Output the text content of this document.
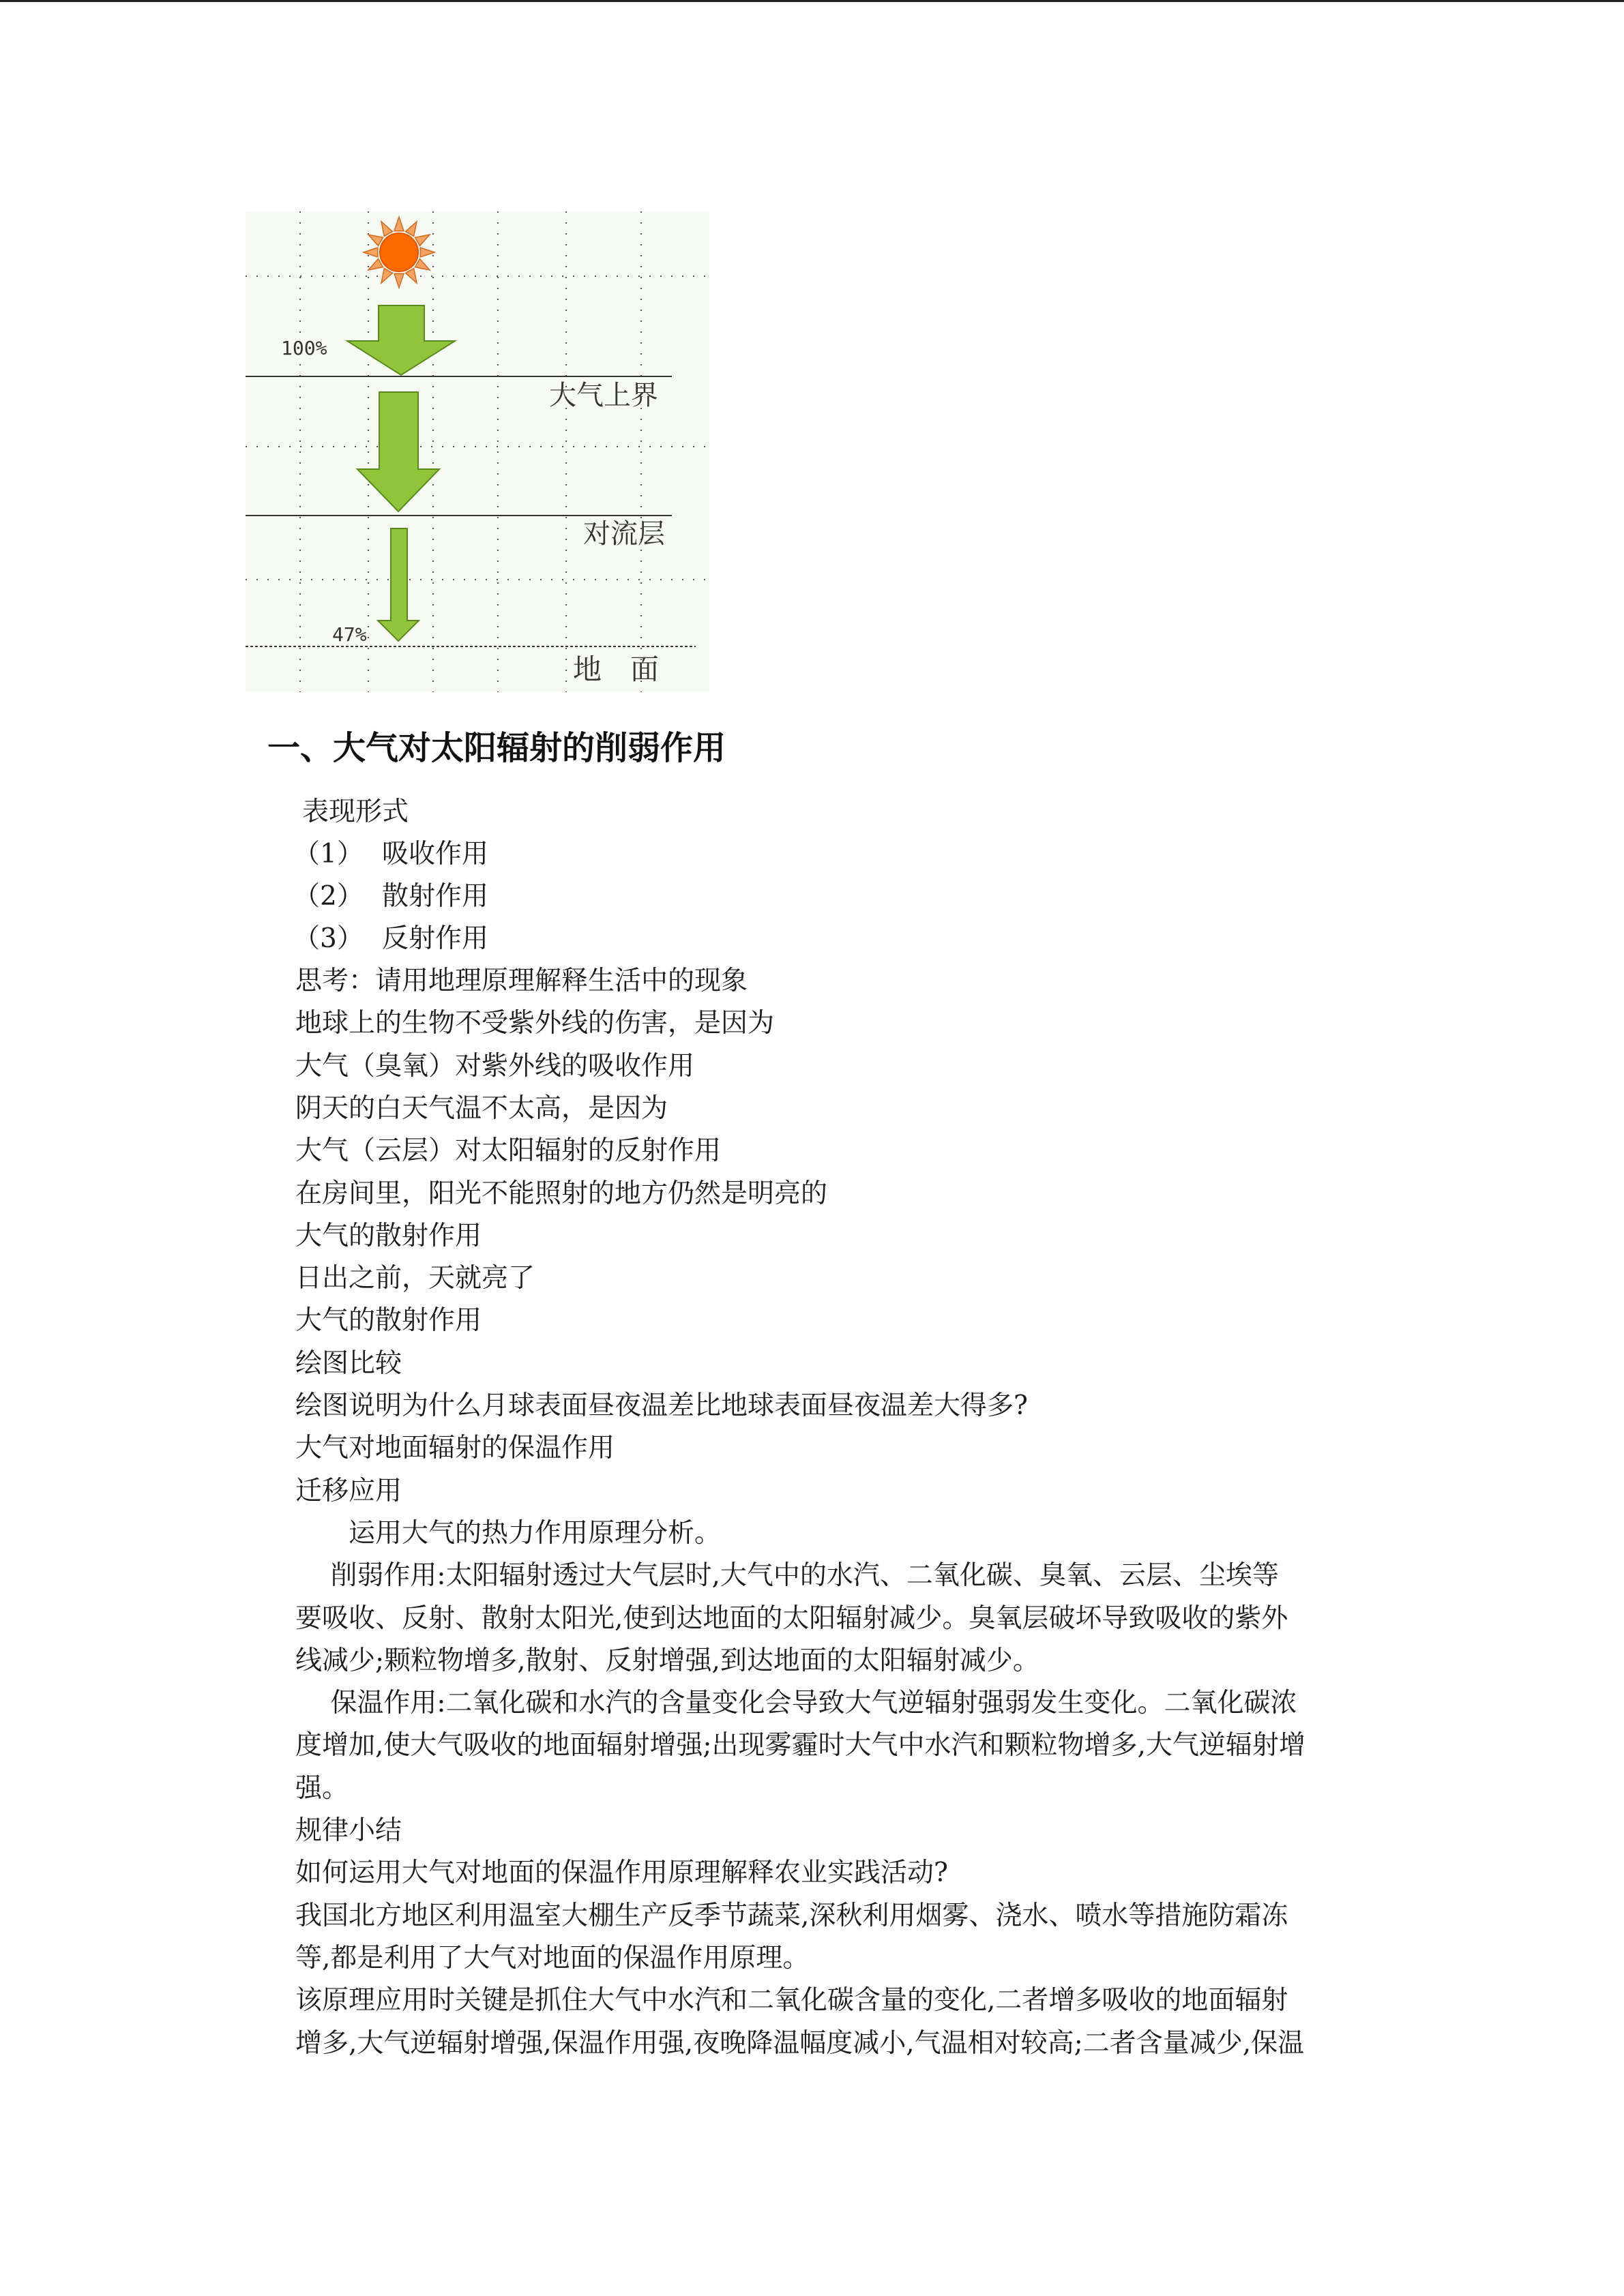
100%
47%
大气上界
对流层
地　面
一、大气对太阳辐射的削弱作用
表现形式
（1） 吸收作用
（2） 散射作用
（3） 反射作用
思考：请用地理原理解释生活中的现象
地球上的生物不受紫外线的伤害，是因为
大气（臭氧）对紫外线的吸收作用
阴天的白天气温不太高，是因为
大气（云层）对太阳辐射的反射作用
在房间里，阳光不能照射的地方仍然是明亮的
大气的散射作用
日出之前，天就亮了
大气的散射作用
绘图比较
绘图说明为什么月球表面昼夜温差比地球表面昼夜温差大得多?
大气对地面辐射的保温作用
迁移应用
　　运用大气的热力作用原理分析。
　 削弱作用:太阳辐射透过大气层时,大气中的水汽、二氧化碳、臭氧、云层、尘埃等
要吸收、反射、散射太阳光,使到达地面的太阳辐射减少。臭氧层破坏导致吸收的紫外
线减少;颗粒物增多,散射、反射增强,到达地面的太阳辐射减少。
　 保温作用:二氧化碳和水汽的含量变化会导致大气逆辐射强弱发生变化。二氧化碳浓
度增加,使大气吸收的地面辐射增强;出现雾霾时大气中水汽和颗粒物增多,大气逆辐射增
强。
规律小结
如何运用大气对地面的保温作用原理解释农业实践活动?
我国北方地区利用温室大棚生产反季节蔬菜,深秋利用烟雾、浇水、喷水等措施防霜冻
等,都是利用了大气对地面的保温作用原理。
该原理应用时关键是抓住大气中水汽和二氧化碳含量的变化,二者增多吸收的地面辐射
增多,大气逆辐射增强,保温作用强,夜晚降温幅度减小,气温相对较高;二者含量减少,保温
